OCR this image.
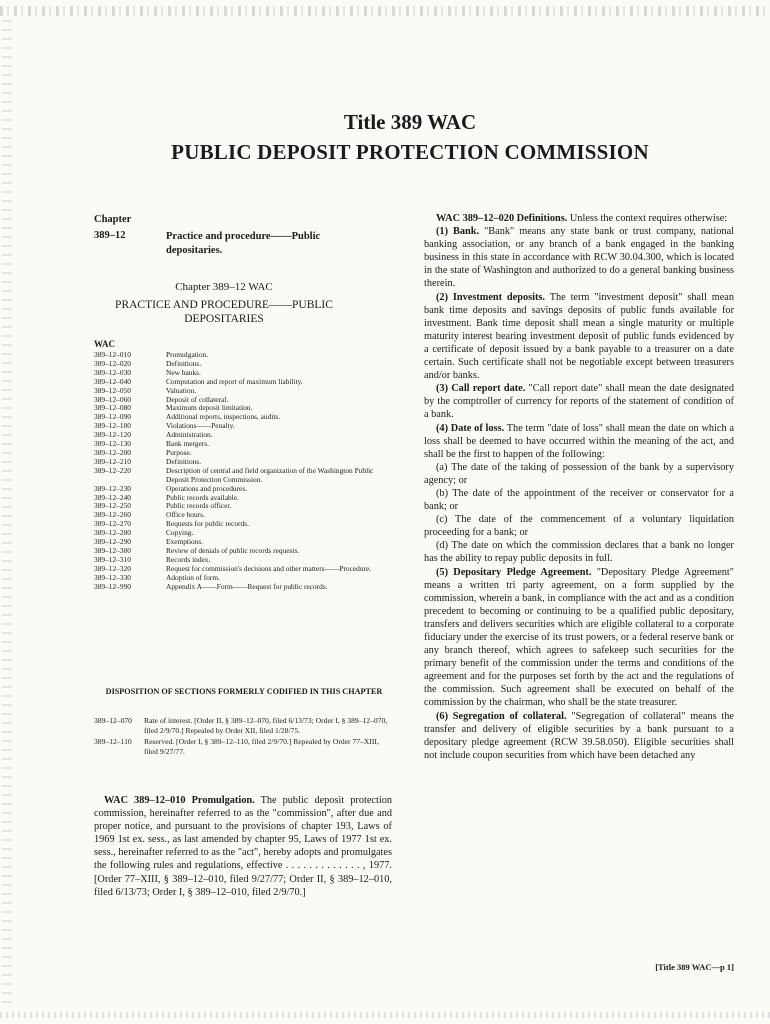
Title 389 WAC
PUBLIC DEPOSIT PROTECTION COMMISSION
Chapter
389–12	Practice and procedure——Public depositaries.
Chapter 389–12 WAC
PRACTICE AND PROCEDURE——PUBLIC DEPOSITARIES
WAC
389–12–010	Promulgation.
389–12–020	Definitions.
389–12–030	New banks.
389–12–040	Computation and report of maximum liability.
389–12–050	Valuation.
389–12–060	Deposit of collateral.
389–12–080	Maximum deposit limitation.
389–12–090	Additional reports, inspections, audits.
389–12–100	Violations——Penalty.
389–12–120	Administration.
389–12–130	Bank mergers.
389–12–200	Purpose.
389–12–210	Definitions.
389–12–220	Description of central and field organization of the Washington Public Deposit Protection Commission.
389–12–230	Operations and procedures.
389–12–240	Public records available.
389–12–250	Public records officer.
389–12–260	Office hours.
389–12–270	Requests for public records.
389–12–280	Copying.
389–12–290	Exemptions.
389–12–300	Review of denials of public records requests.
389–12–310	Records index.
389–12–320	Request for commission's decisions and other matters——Procedure.
389–12–330	Adoption of form.
389–12–990	Appendix A——Form——Request for public records.
DISPOSITION OF SECTIONS FORMERLY CODIFIED IN THIS CHAPTER
389–12–070	Rate of interest. [Order II, § 389–12–070, filed 6/13/73; Order I, § 389–12–070, filed 2/9/70.] Repealed by Order XII, filed 1/28/75.
389–12–110	Reserved. [Order I, § 389–12–110, filed 2/9/70.] Repealed by Order 77–XIII, filed 9/27/77.

WAC 389–12–010 Promulgation. The public deposit protection commission, hereinafter referred to as the "commission", after due and proper notice, and pursuant to the provisions of chapter 193, Laws of 1969 1st ex. sess., as last amended by chapter 95, Laws of 1977 1st ex. sess., hereinafter referred to as the "act", hereby adopts and promulgates the following rules and regulations, effective . . . . . . . . . . . . . , 1977. [Order 77–XIII, § 389–12–010, filed 9/27/77; Order II, § 389–12–010, filed 6/13/73; Order I, § 389–12–010, filed 2/9/70.]

WAC 389–12–020 Definitions. Unless the context requires otherwise:

(1) Bank. "Bank" means any state bank or trust company, national banking association, or any branch of a bank engaged in the banking business in this state in accordance with RCW 30.04.300, which is located in the state of Washington and authorized to do a general banking business therein.

(2) Investment deposits. The term "investment deposit" shall mean bank time deposits and savings deposits of public funds available for investment. Bank time deposit shall mean a single maturity or multiple maturity interest bearing investment deposit of public funds evidenced by a certificate of deposit issued by a bank payable to a treasurer on a date certain. Such certificate shall not be negotiable except between treasurers and/or banks.

(3) Call report date. "Call report date" shall mean the date designated by the comptroller of currency for reports of the statement of condition of a bank.

(4) Date of loss. The term "date of loss" shall mean the date on which a loss shall be deemed to have occurred within the meaning of the act, and shall be the first to happen of the following:

(a) The date of the taking of possession of the bank by a supervisory agency; or

(b) The date of the appointment of the receiver or conservator for a bank; or

(c) The date of the commencement of a voluntary liquidation proceeding for a bank; or

(d) The date on which the commission declares that a bank no longer has the ability to repay public deposits in full.

(5) Depositary Pledge Agreement. "Depositary Pledge Agreement" means a written tri party agreement, on a form supplied by the commission, wherein a bank, in compliance with the act and as a condition precedent to becoming or continuing to be a qualified public depositary, transfers and delivers securities which are eligible collateral to a corporate fiduciary under the exercise of its trust powers, or a federal reserve bank or any branch thereof, which agrees to safekeep such securities for the primary benefit of the commission under the terms and conditions of the agreement and for the purposes set forth by the act and the regulations of the commission. Such agreement shall be executed on behalf of the commission by the chairman, who shall be the state treasurer.

(6) Segregation of collateral. "Segregation of collateral" means the transfer and delivery of eligible securities by a bank pursuant to a depositary pledge agreement (RCW 39.58.050). Eligible securities shall not include coupon securities from which have been detached any

[Title 389 WAC—p 1]
